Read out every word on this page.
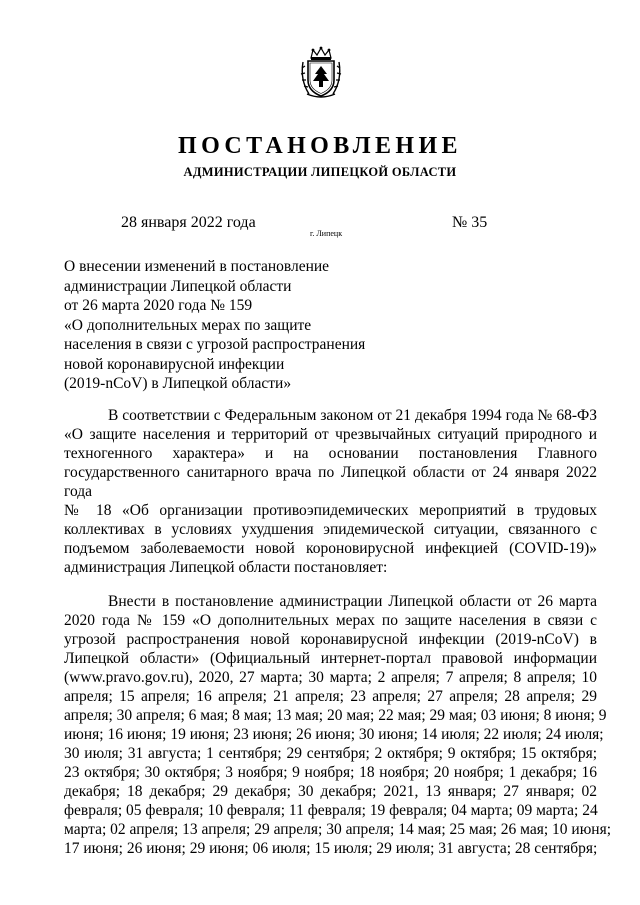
ПОСТАНОВЛЕНИЕ
АДМИНИСТРАЦИИ ЛИПЕЦКОЙ ОБЛАСТИ
28 января 2022 года
г. Липецк
№ 35
О внесении изменений в постановление
администрации Липецкой области
от 26 марта 2020 года № 159
«О дополнительных мерах по защите
населения в связи с угрозой распространения
новой коронавирусной инфекции
(2019-nCoV) в Липецкой области»
В соответствии с Федеральным законом от 21 декабря 1994 года № 68-ФЗ
«О защите населения и территорий от чрезвычайных ситуаций природного и
техногенного характера» и на основании постановления Главного
государственного санитарного врача по Липецкой области от 24 января 2022
года
№ 18 «Об организации противоэпидемических мероприятий в трудовых
коллективах в условиях ухудшения эпидемической ситуации, связанного с
подъемом заболеваемости новой короновирусной инфекцией (COVID-19)»
администрация Липецкой области постановляет:
Внести в постановление администрации Липецкой области от 26 марта
2020 года № 159 «О дополнительных мерах по защите населения в связи с
угрозой распространения новой коронавирусной инфекции (2019-nCoV) в
Липецкой области» (Официальный интернет-портал правовой информации
(www.pravo.gov.ru), 2020, 27 марта; 30 марта; 2 апреля; 7 апреля; 8 апреля; 10
апреля; 15 апреля; 16 апреля; 21 апреля; 23 апреля; 27 апреля; 28 апреля; 29
апреля; 30 апреля; 6 мая; 8 мая; 13 мая; 20 мая; 22 мая; 29 мая; 03 июня; 8 июня; 9
июня; 16 июня; 19 июня; 23 июня; 26 июня; 30 июня; 14 июля; 22 июля; 24 июля;
30 июля; 31 августа; 1 сентября; 29 сентября; 2 октября; 9 октября; 15 октября;
23 октября; 30 октября; 3 ноября; 9 ноября; 18 ноября; 20 ноября; 1 декабря; 16
декабря; 18 декабря; 29 декабря; 30 декабря; 2021, 13 января; 27 января; 02
февраля; 05 февраля; 10 февраля; 11 февраля; 19 февраля; 04 марта; 09 марта; 24
марта; 02 апреля; 13 апреля; 29 апреля; 30 апреля; 14 мая; 25 мая; 26 мая; 10 июня;
17 июня; 26 июня; 29 июня; 06 июля; 15 июля; 29 июля; 31 августа; 28 сентября;
